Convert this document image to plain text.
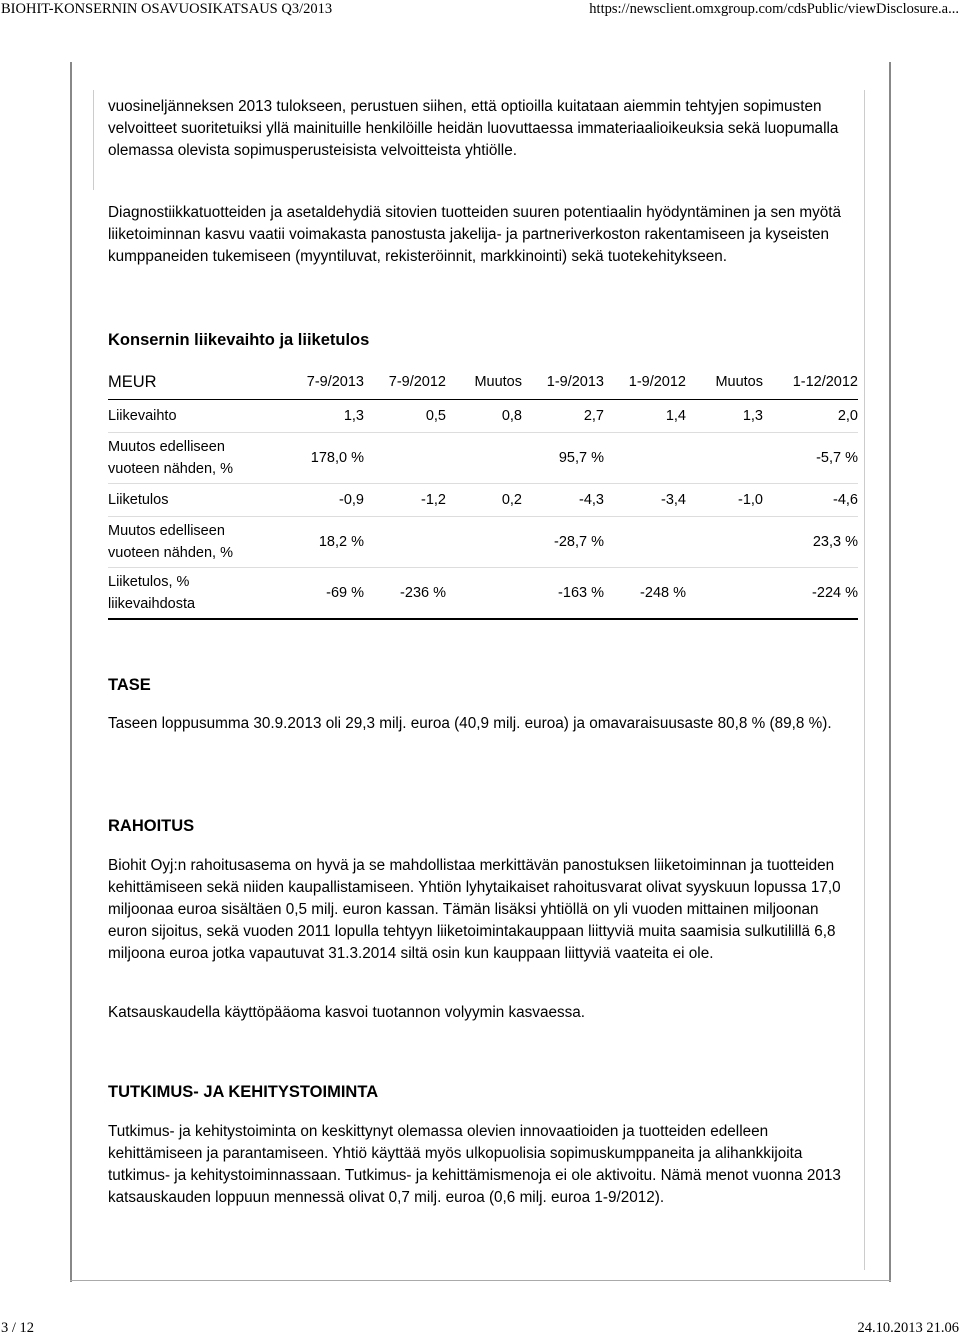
BIOHIT-KONSERNIN OSAVUOSIKATSAUS Q3/2013	https://newsclient.omxgroup.com/cdsPublic/viewDisclosure.a...

vuosineljänneksen 2013 tulokseen, perustuen siihen, että optioilla kuitataan aiemmin tehtyjen sopimusten velvoitteet suoritetuiksi yllä mainituille henkilöille heidän luovuttaessa immateriaalioikeuksia sekä luopumalla olemassa olevista sopimusperusteisista velvoitteista yhtiölle.

Diagnostiikkatuotteiden ja asetaldehydiä sitovien tuotteiden suuren potentiaalin hyödyntäminen ja sen myötä liiketoiminnan kasvu vaatii voimakasta panostusta jakelija- ja partneriverkoston rakentamiseen ja kyseisten kumppaneiden tukemiseen (myyntiluvat, rekisteröinnit, markkinointi) sekä tuotekehitykseen.

Konsernin liikevaihto ja liiketulos
MEUR	7-9/2013	7-9/2012	Muutos	1-9/2013	1-9/2012	Muutos	1-12/2012
Liikevaihto	1,3	0,5	0,8	2,7	1,4	1,3	2,0
Muutos edelliseen vuoteen nähden, %	178,0 %			95,7 %			-5,7 %
Liiketulos	-0,9	-1,2	0,2	-4,3	-3,4	-1,0	-4,6
Muutos edelliseen vuoteen nähden, %	18,2 %			-28,7 %			23,3 %
Liiketulos, % liikevaihdosta	-69 %	-236 %		-163 %	-248 %		-224 %
TASE

Taseen loppusumma 30.9.2013 oli 29,3 milj. euroa (40,9 milj. euroa) ja omavaraisuusaste 80,8 % (89,8 %).

RAHOITUS

Biohit Oyj:n rahoitusasema on hyvä ja se mahdollistaa merkittävän panostuksen liiketoiminnan ja tuotteiden kehittämiseen sekä niiden kaupallistamiseen. Yhtiön lyhytaikaiset rahoitusvarat olivat syyskuun lopussa 17,0 miljoonaa euroa sisältäen 0,5 milj. euron kassan. Tämän lisäksi yhtiöllä on yli vuoden mittainen miljoonan euron sijoitus, sekä vuoden 2011 lopulla tehtyyn liiketoimintakauppaan liittyviä muita saamisia sulkutilillä 6,8 miljoona euroa jotka vapautuvat 31.3.2014 siltä osin kun kauppaan liittyviä vaateita ei ole.

Katsauskaudella käyttöpääoma kasvoi tuotannon volyymin kasvaessa.

TUTKIMUS- JA KEHITYSTOIMINTA

Tutkimus- ja kehitystoiminta on keskittynyt olemassa olevien innovaatioiden ja tuotteiden edelleen kehittämiseen ja parantamiseen. Yhtiö käyttää myös ulkopuolisia sopimuskumppaneita ja alihankkijoita tutkimus- ja kehitystoiminnassaan. Tutkimus- ja kehittämismenoja ei ole aktivoitu. Nämä menot vuonna 2013 katsauskauden loppuun mennessä olivat 0,7 milj. euroa (0,6 milj. euroa 1-9/2012).

3 / 12	24.10.2013 21.06
